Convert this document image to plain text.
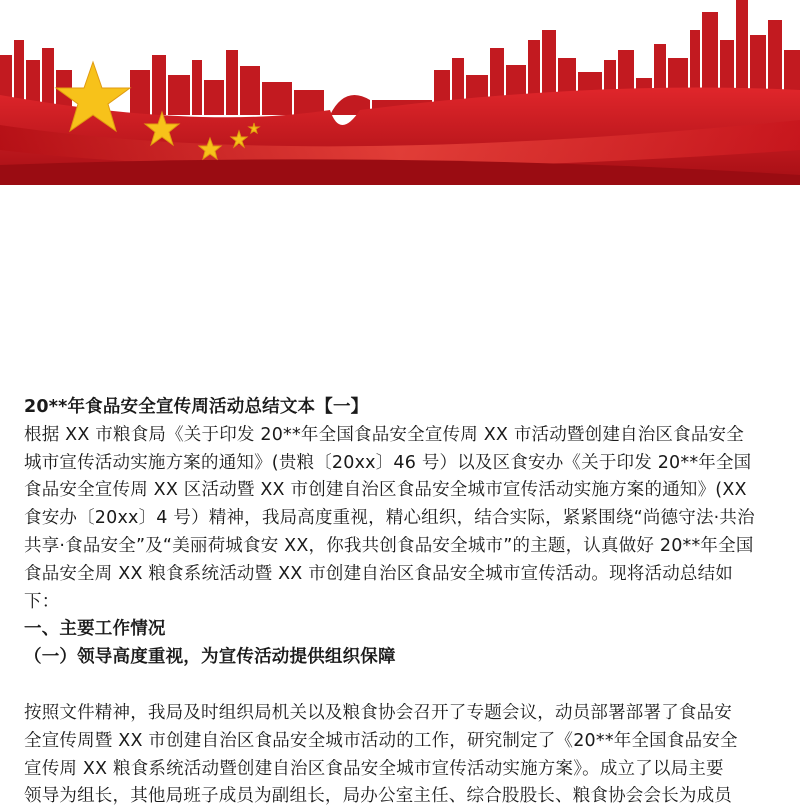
20**年食品安全宣传周活动总结文本【一】
根据 XX 市粮食局《关于印发 20**年全国食品安全宣传周 XX 市活动暨创建自治区食品安全
城市宣传活动实施方案的通知》(贵粮〔20xx〕46 号）以及区食安办《关于印发 20**年全国
食品安全宣传周 XX 区活动暨 XX 市创建自治区食品安全城市宣传活动实施方案的通知》(XX
食安办〔20xx〕4 号）精神，我局高度重视，精心组织，结合实际，紧紧围绕“尚德守法·共治
共享·食品安全”及“美丽荷城食安 XX，你我共创食品安全城市”的主题，认真做好 20**年全国
食品安全周 XX 粮食系统活动暨 XX 市创建自治区食品安全城市宣传活动。现将活动总结如
下：
一、主要工作情况
（一）领导高度重视，为宣传活动提供组织保障
按照文件精神，我局及时组织局机关以及粮食协会召开了专题会议，动员部署部署了食品安
全宣传周暨 XX 市创建自治区食品安全城市活动的工作，研究制定了《20**年全国食品安全
宣传周 XX 粮食系统活动暨创建自治区食品安全城市宣传活动实施方案》。成立了以局主要
领导为组长，其他局班子成员为副组长，局办公室主任、综合股股长、粮食协会会长为成员
